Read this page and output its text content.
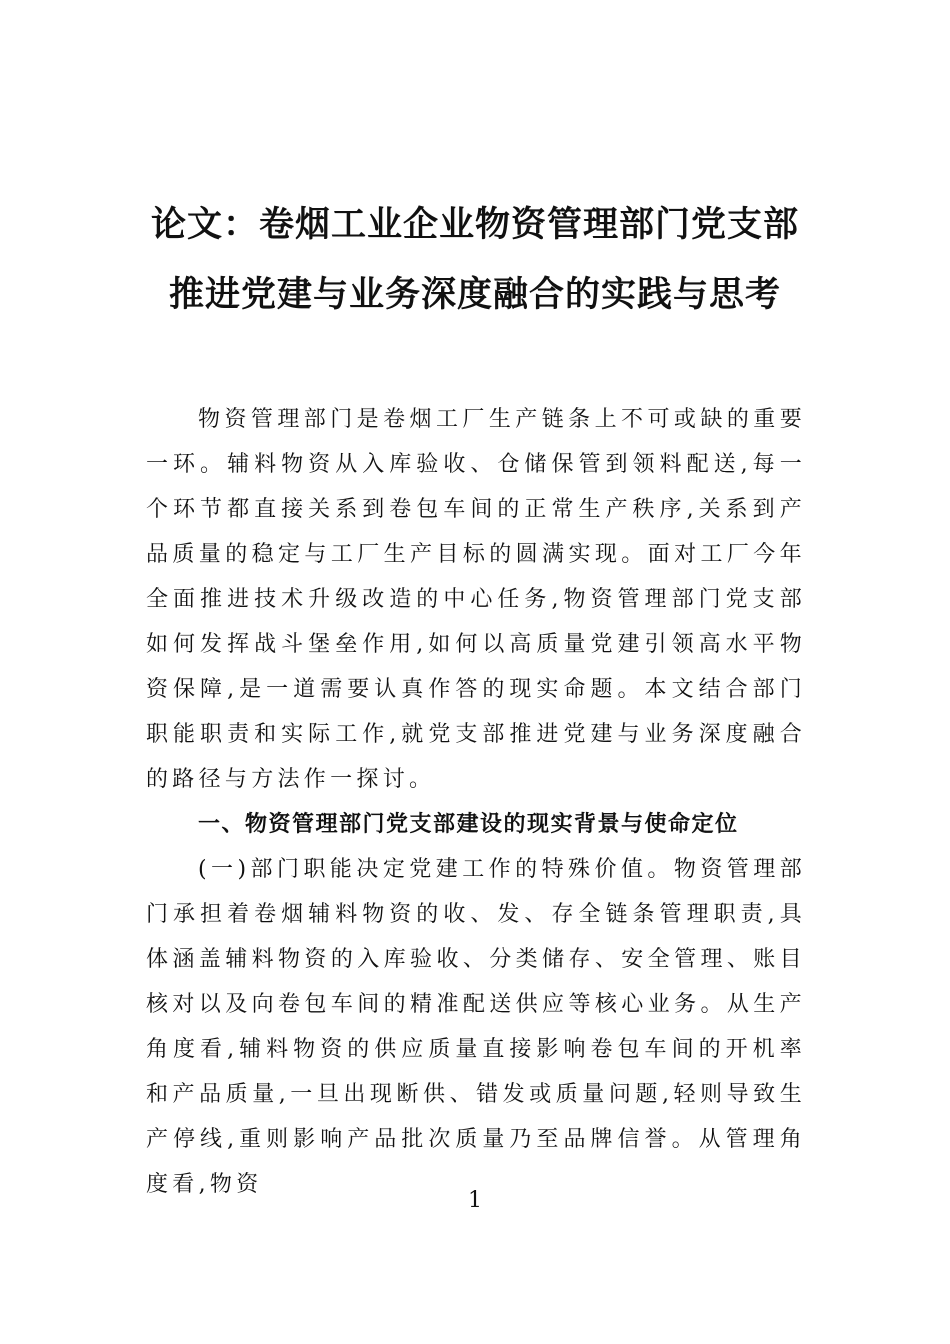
论文：卷烟工业企业物资管理部门党支部
推进党建与业务深度融合的实践与思考

物资管理部门是卷烟工厂生产链条上不可或缺的重要一环。辅料物资从入库验收、仓储保管到领料配送,每一个环节都直接关系到卷包车间的正常生产秩序,关系到产品质量的稳定与工厂生产目标的圆满实现。面对工厂今年全面推进技术升级改造的中心任务,物资管理部门党支部如何发挥战斗堡垒作用,如何以高质量党建引领高水平物资保障,是一道需要认真作答的现实命题。本文结合部门职能职责和实际工作,就党支部推进党建与业务深度融合的路径与方法作一探讨。

一、物资管理部门党支部建设的现实背景与使命定位

(一)部门职能决定党建工作的特殊价值。物资管理部门承担着卷烟辅料物资的收、发、存全链条管理职责,具体涵盖辅料物资的入库验收、分类储存、安全管理、账目核对以及向卷包车间的精准配送供应等核心业务。从生产角度看,辅料物资的供应质量直接影响卷包车间的开机率和产品质量,一旦出现断供、错发或质量问题,轻则导致生产停线,重则影响产品批次质量乃至品牌信誉。从管理角度看,物资

1
